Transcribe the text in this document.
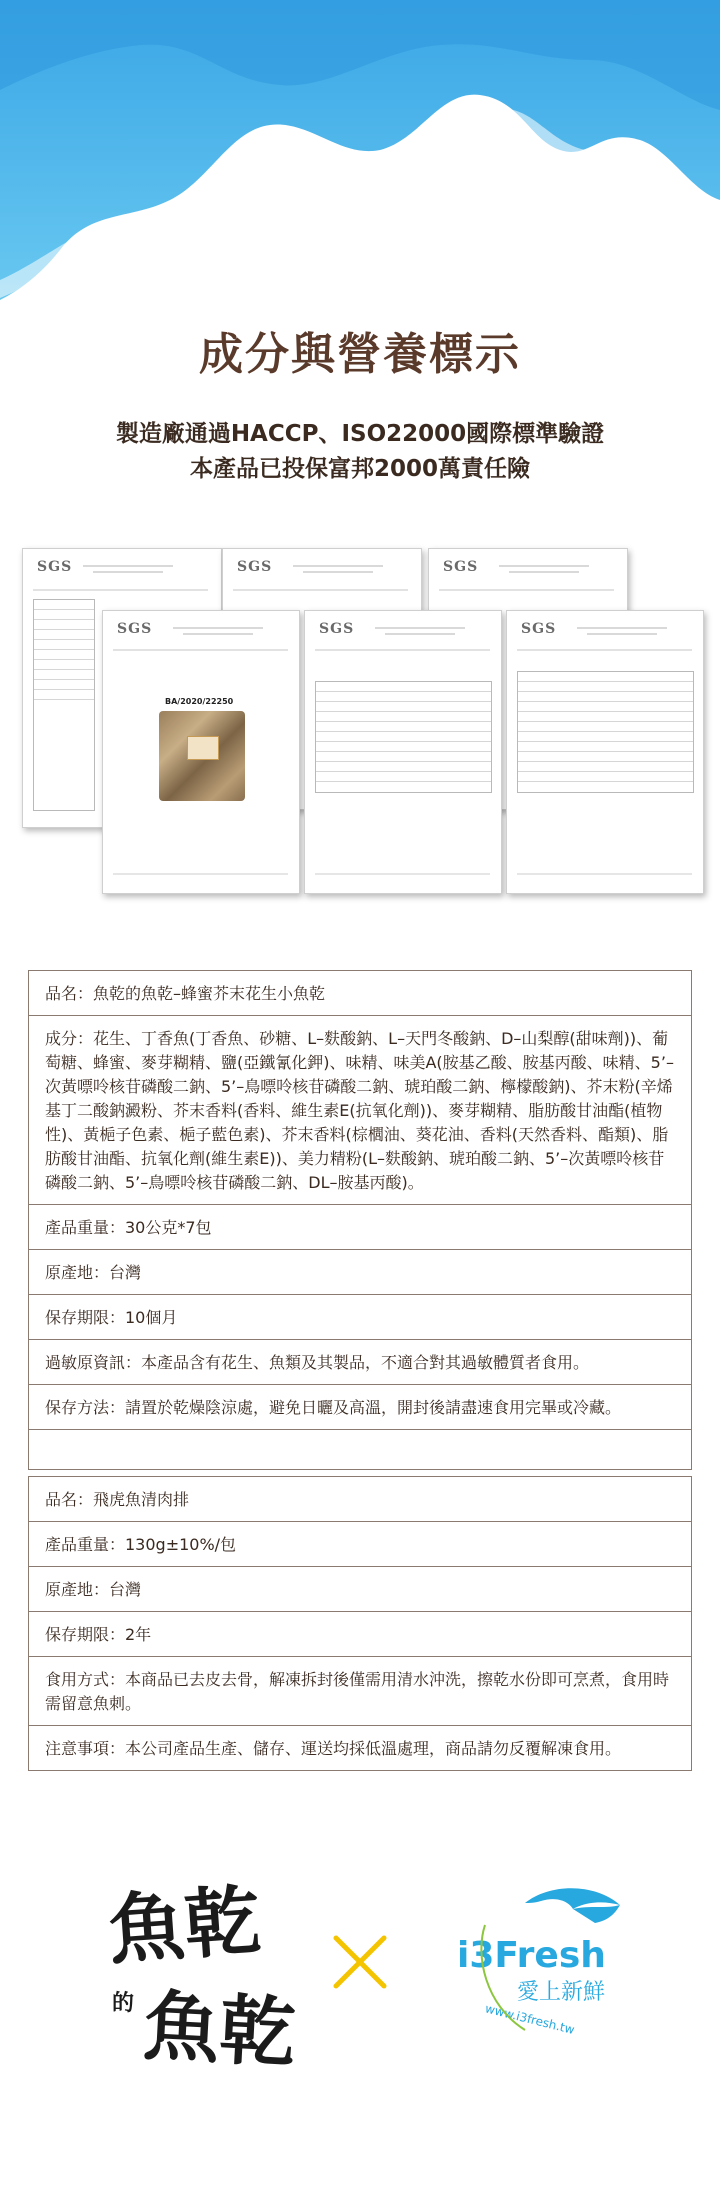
成分與營養標示
製造廠通過HACCP、ISO22000國際標準驗證
本產品已投保富邦2000萬責任險
SGS	SGS	SGS
SGS
BA/2020/22250
SGS	SGS
品名：魚乾的魚乾–蜂蜜芥末花生小魚乾
成分：花生、丁香魚(丁香魚、砂糖、L–麩酸鈉、L–天門冬酸鈉、D–山梨醇(甜味劑))、葡萄糖、蜂蜜、麥芽糊精、鹽(亞鐵氰化鉀)、味精、味美A(胺基乙酸、胺基丙酸、味精、5’–次黃嘌呤核苷磷酸二鈉、5’–鳥嘌呤核苷磷酸二鈉、琥珀酸二鈉、檸檬酸鈉)、芥末粉(辛烯基丁二酸鈉澱粉、芥末香料(香料、維生素E(抗氧化劑))、麥芽糊精、脂肪酸甘油酯(植物性)、黃梔子色素、梔子藍色素)、芥末香料(棕櫚油、葵花油、香料(天然香料、酯類)、脂肪酸甘油酯、抗氧化劑(維生素E))、美力精粉(L–麩酸鈉、琥珀酸二鈉、5’–次黃嘌呤核苷磷酸二鈉、5’–鳥嘌呤核苷磷酸二鈉、DL–胺基丙酸)。
產品重量：30公克*7包
原產地：台灣
保存期限：10個月
過敏原資訊：本產品含有花生、魚類及其製品，不適合對其過敏體質者食用。
保存方法：請置於乾燥陰涼處，避免日曬及高溫，開封後請盡速食用完畢或冷藏。
品名：飛虎魚清肉排
產品重量：130g±10%/包
原產地：台灣
保存期限：2年
食用方式：本商品已去皮去骨，解凍拆封後僅需用清水沖洗，擦乾水份即可烹煮，食用時需留意魚刺。
注意事項：本公司產品生產、儲存、運送均採低溫處理，商品請勿反覆解凍食用。
魚乾
的 魚乾
i3Fresh
愛上新鮮
www.i3fresh.tw
